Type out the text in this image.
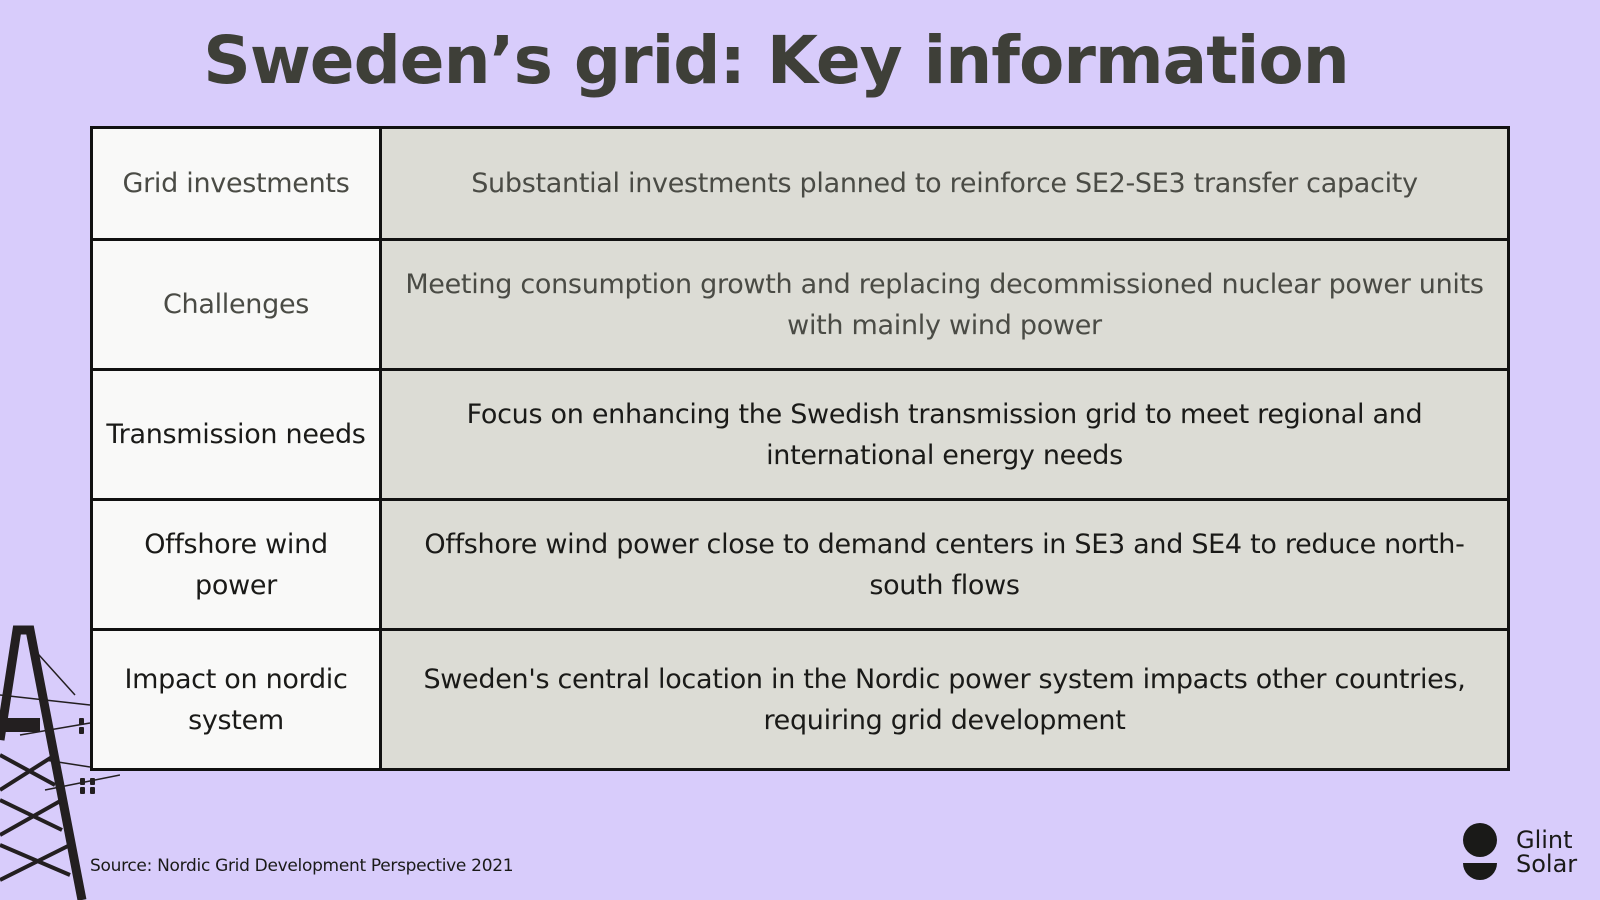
Sweden’s grid: Key information
Grid investments	Substantial investments planned to reinforce SE2-SE3 transfer capacity
Challenges	Meeting consumption growth and replacing decommissioned nuclear power units with mainly wind power
Transmission needs	Focus on enhancing the Swedish transmission grid to meet regional and international energy needs
Offshore wind power	Offshore wind power close to demand centers in SE3 and SE4 to reduce north-south flows
Impact on nordic system	Sweden's central location in the Nordic power system impacts other countries, requiring grid development
Source: Nordic Grid Development Perspective 2021
Glint
Solar
